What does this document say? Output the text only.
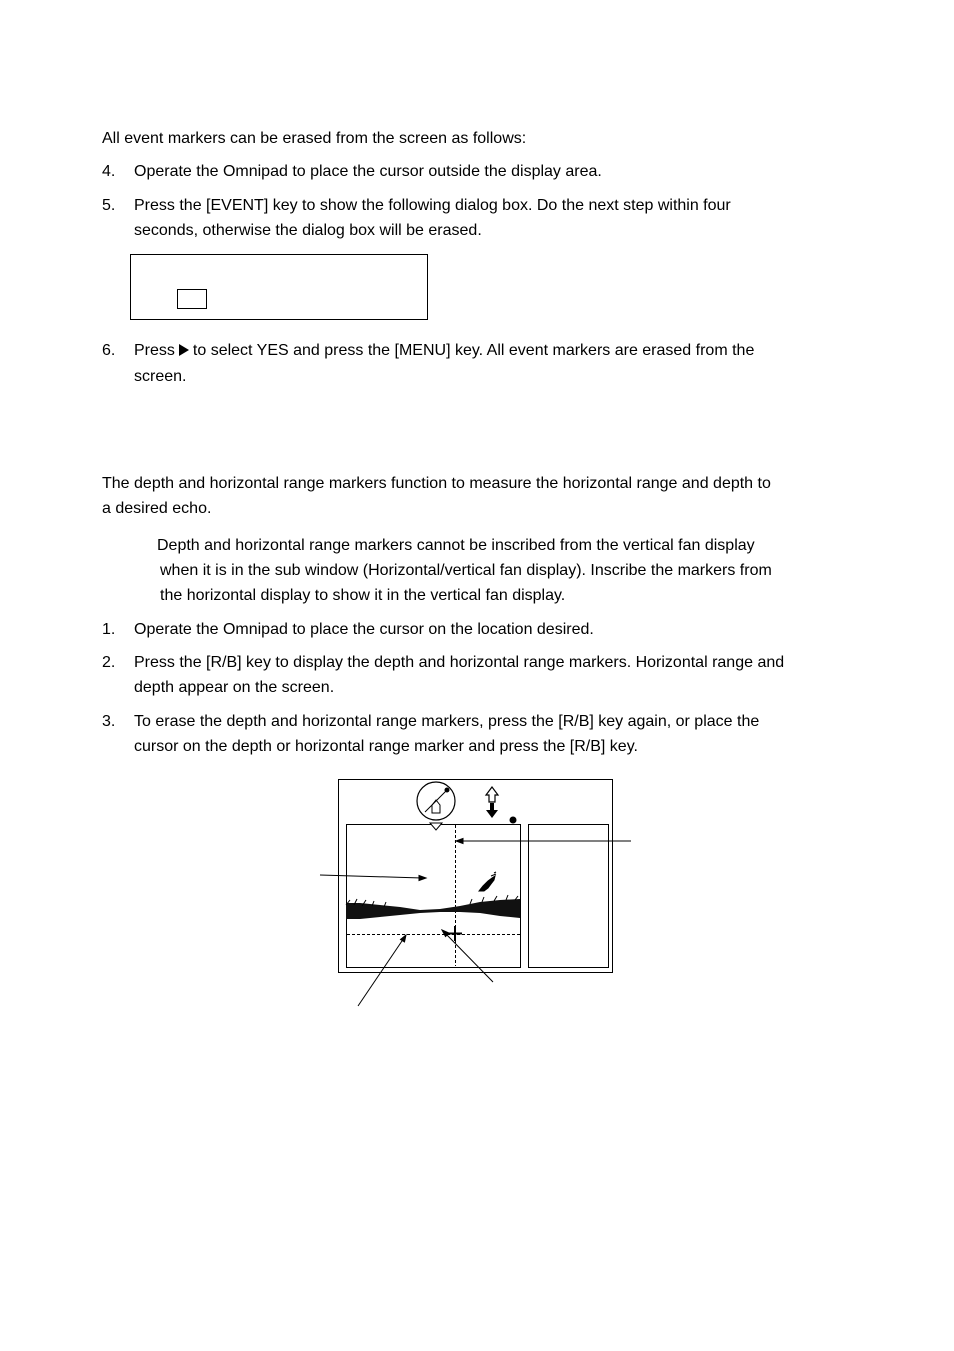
All event markers can be erased from the screen as follows:
4. Operate the Omnipad to place the cursor outside the display area.
5. Press the [EVENT] key to show the following dialog box. Do the next step within four
seconds, otherwise the dialog box will be erased.
6. Press to select YES and press the [MENU] key. All event markers are erased from the
screen.
The depth and horizontal range markers function to measure the horizontal range and depth to
a desired echo.
Depth and horizontal range markers cannot be inscribed from the vertical fan display
when it is in the sub window (Horizontal/vertical fan display). Inscribe the markers from
the horizontal display to show it in the vertical fan display.
1. Operate the Omnipad to place the cursor on the location desired.
2. Press the [R/B] key to display the depth and horizontal range markers. Horizontal range and
depth appear on the screen.
3. To erase the depth and horizontal range markers, press the [R/B] key again, or place the
cursor on the depth or horizontal range marker and press the [R/B] key.
